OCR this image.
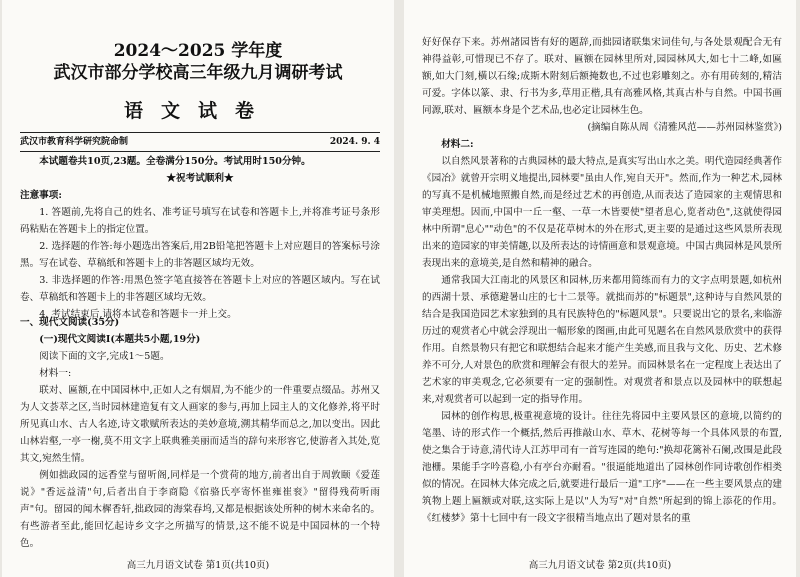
2024～2025 学年度
武汉市部分学校高三年级九月调研考试
语文试卷
武汉市教育科学研究院命制	2024. 9. 4

本试题卷共10页,23题。全卷满分150分。考试用时150分钟。

★祝考试顺利★

注意事项:

1. 答题前,先将自己的姓名、准考证号填写在试卷和答题卡上,并将准考证号条形码粘贴在答题卡上的指定位置。

2. 选择题的作答:每小题选出答案后,用2B铅笔把答题卡上对应题目的答案标号涂黑。写在试卷、草稿纸和答题卡上的非答题区域均无效。

3. 非选择题的作答:用黑色签字笔直接答在答题卡上对应的答题区域内。写在试卷、草稿纸和答题卡上的非答题区域均无效。

4. 考试结束后,请将本试卷和答题卡一并上交。

一、现代文阅读(35分)

(一)现代文阅读Ⅰ(本题共5小题,19分)

阅读下面的文字,完成1～5题。

材料一:

联对、匾额,在中国园林中,正如人之有烟眉,为不能少的一件重要点缀品。苏州又为人文荟萃之区,当时园林建造复有文人画家的参与,再加上园主人的文化修养,将平时所见真山水、古人名迹,诗文歌赋所表达的美妙意境,溯其精华而总之,加以变出。因此山林岩壑,一亭一榭,莫不用文字上联典雅美丽而适当的辞句来形容它,使游者入其处,览其文,宛然生情。

例如拙政园的远香堂与留听阁,同样是一个赏荷的地方,前者出自于周敦颐《爱莲说》"香远益清"句,后者出自于李商隐《宿骆氏亭寄怀崔雍崔衮》"留得残荷听雨声"句。留园的闻木樨香轩,拙政园的海棠春坞,又都是根据该处所种的树木来命名的。有些游者至此,能回忆起诗乡文字之所描写的情景,这不能不说是中国园林的一个特色。

高三九月语文试卷 第1页(共10页)

好好保存下来。苏州諸园皆有好的题辞,而拙园诸联集宋词佳句,与各处景观配合无有神得益彰,可惜现已不存了。联对、匾额在园林里所对,园园林风大,如七十二峰,如匾额,如大门刻,橫以石缘;成斯木附刻后额掩数也,不过也彩雕刻之。亦有用砖刻的,精洁可爱。字体以篆、隶、行书为多,草用正楷,具有高雅风格,其真古朴与自然。中国书画同源,联对、匾额本身是个艺术品,也必定让园林生色。

(摘编自陈从周《清雅风范——苏州园林鉴赏》)

材料二:

以自然风景著称的古典园林的最大特点,是真实写出山水之美。明代造园经典著作《园冶》就曾开宗明义地提出,园林要"虽由人作,宛自天开"。然而,作为一种艺术,园林的写真不是机械地照搬自然,而是经过艺术的再创造,从而表达了造园家的主观情思和审美理想。因而,中国中一丘一壑、一草一木皆要使"望者息心,览者动色",这就使得园林中所谓"息心""动色"的不仅是花草树木的外在形式,更主要的是通过这些风景所表现出来的造园家的审美情趣,以及所表达的诗情画意和景观意境。中国古典园林是风景所表现出来的意境美,是自然和精神的融合。

通常我国大江南北的风景区和园林,历来都用简练而有力的文字点明景题,如杭州的西湖十景、承德避暑山庄的七十二景等。就拙而苏的"标题景",这种诗与自然风景的结合是我国造园艺术家独到的具有民族特色的"标题风景"。只要说出它的景名,来临游历过的观赏者心中就会浮现出一幅形象的图画,由此可见题名在自然风景欣赏中的获得作用。自然景物只有把它和联想结合起来才能产生美感,而且我与文化、历史、艺术修养不可分,人对景色的欣赏和理解会有很大的差异。而园林景名在一定程度上表达出了艺术家的审美观念,它必须要有一定的强制性。对观赏者和景点以及园林中的联想起来,对观赏者可以起到一定的指导作用。

园林的创作构思,极重视意境的设计。往往先将园中主要风景区的意境,以简约的笔墨、诗的形式作一个概括,然后再推敲山水、草木、花树等每一个具体风景的布置,使之集合于诗意,清代诗人江苏甲司有一首写连园的绝句:"换却花篱补石阑,改围是此段池栅。果能手字吟喜稳,小有亭台亦耐看。"很逼能地道出了园林创作同诗歌创作相类似的情况。在园林大体完成之后,就要进行最后一道"工序"——在一些主要风景点的建筑物上题上匾额或对联,这实际上是以"人为写"对"自然"所起到的锦上添花的作用。《红楼梦》第十七回中有一段文字很精当地点出了题对景名的重

高三九月语文试卷 第2页(共10页)
